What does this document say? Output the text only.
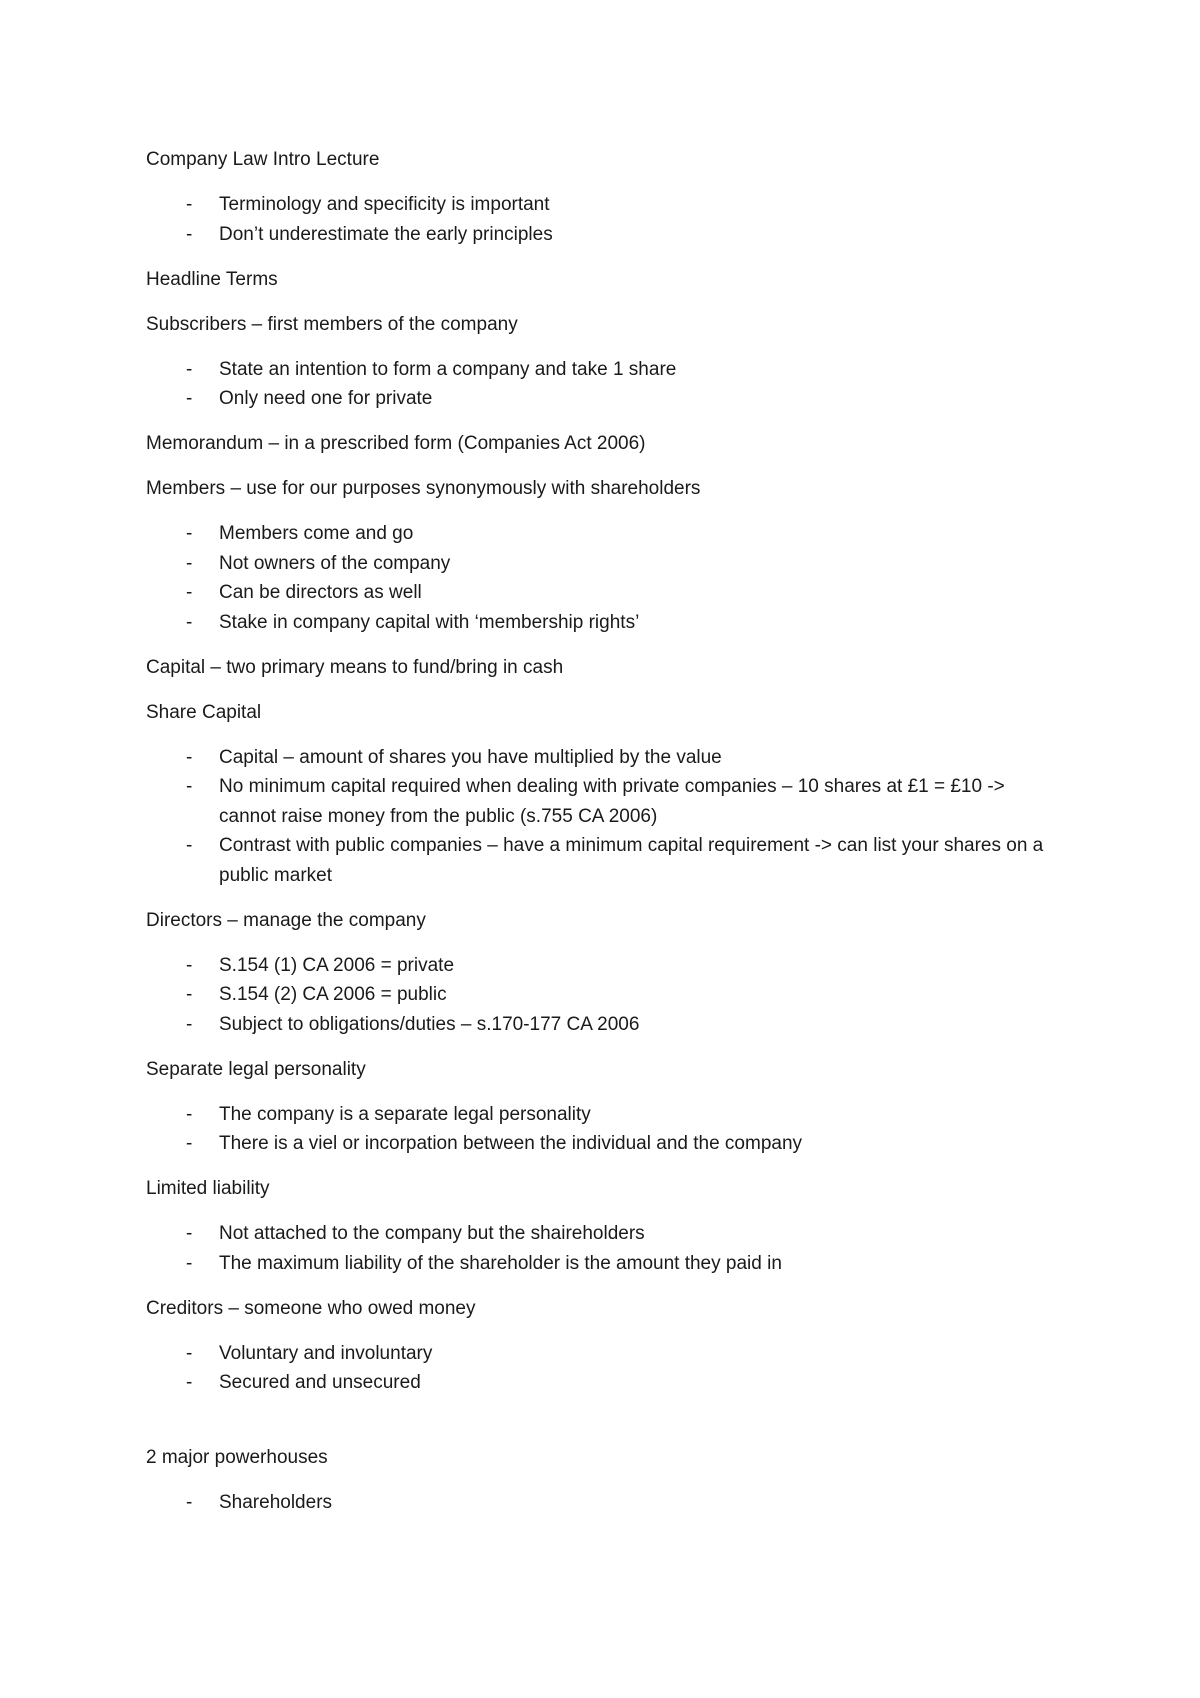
Company Law Intro Lecture

- Terminology and specificity is important
- Don’t underestimate the early principles

Headline Terms

Subscribers – first members of the company

- State an intention to form a company and take 1 share
- Only need one for private

Memorandum – in a prescribed form (Companies Act 2006)

Members – use for our purposes synonymously with shareholders

- Members come and go
- Not owners of the company
- Can be directors as well
- Stake in company capital with ‘membership rights’

Capital – two primary means to fund/bring in cash

Share Capital

- Capital – amount of shares you have multiplied by the value
- No minimum capital required when dealing with private companies – 10 shares at £1 = £10 -> cannot raise money from the public (s.755 CA 2006)
- Contrast with public companies – have a minimum capital requirement -> can list your shares on a public market

Directors – manage the company

- S.154 (1) CA 2006 = private
- S.154 (2) CA 2006 = public
- Subject to obligations/duties – s.170-177 CA 2006

Separate legal personality

- The company is a separate legal personality
- There is a viel or incorpation between the individual and the company

Limited liability

- Not attached to the company but the shaireholders
- The maximum liability of the shareholder is the amount they paid in

Creditors – someone who owed money

- Voluntary and involuntary
- Secured and unsecured

2 major powerhouses

- Shareholders
